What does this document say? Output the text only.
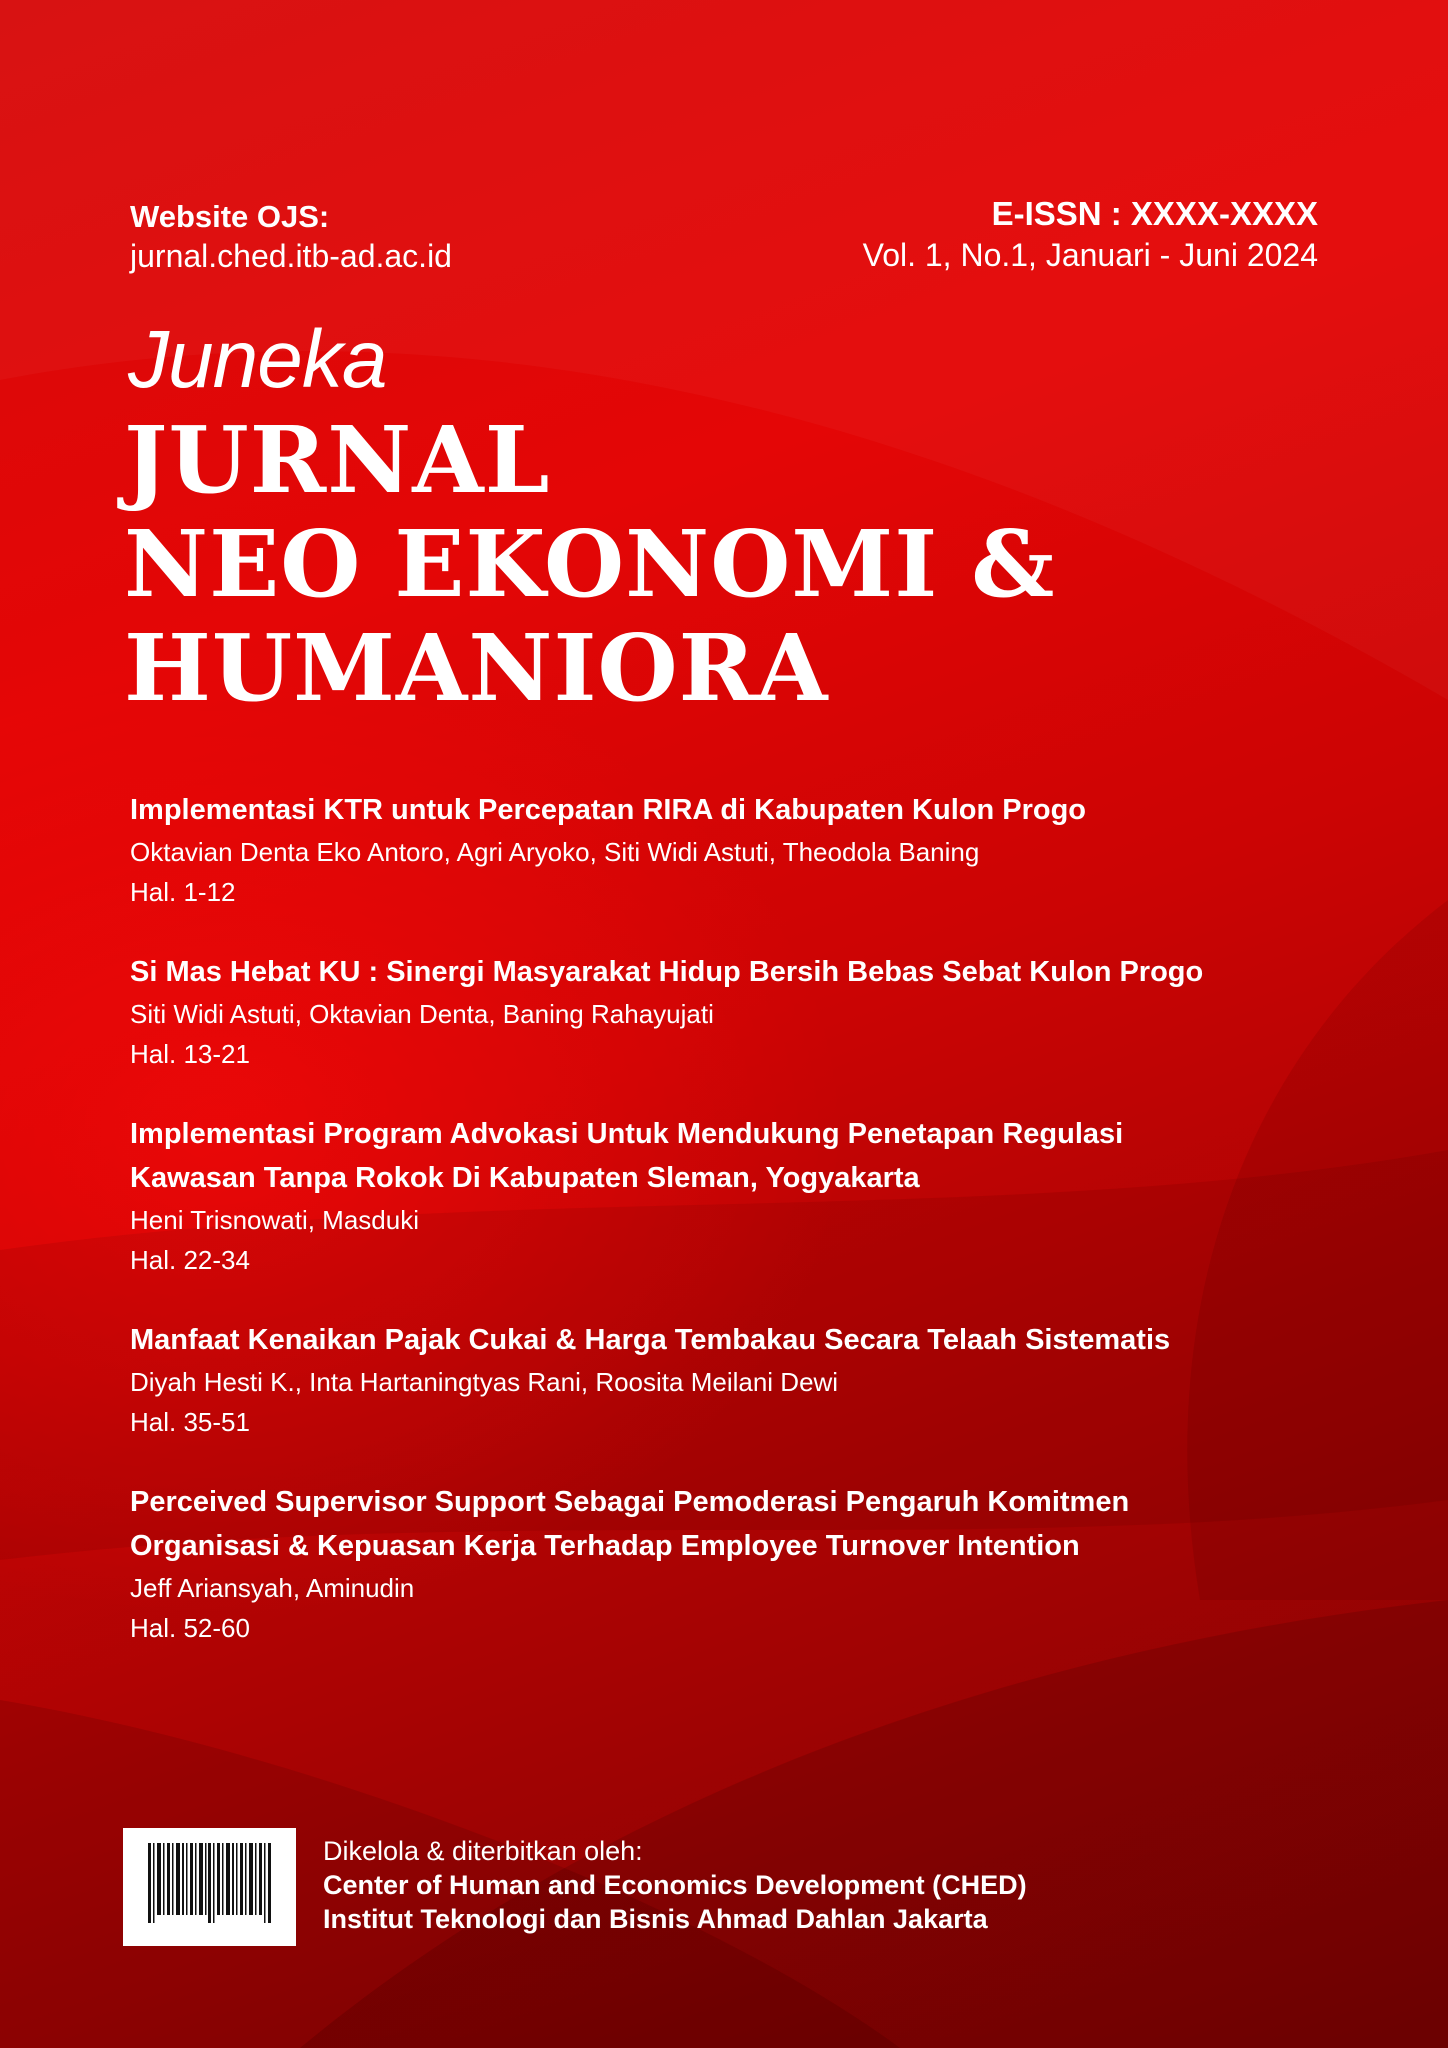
Website OJS:
jurnal.ched.itb-ad.ac.id
E-ISSN : XXXX-XXXX
Vol. 1, No.1, Januari - Juni 2024
Juneka
JURNAL
NEO EKONOMI &
HUMANIORA
Implementasi KTR untuk Percepatan RIRA di Kabupaten Kulon Progo
Oktavian Denta Eko Antoro, Agri Aryoko, Siti Widi Astuti, Theodola Baning
Hal. 1-12
Si Mas Hebat KU : Sinergi Masyarakat Hidup Bersih Bebas Sebat Kulon Progo
Siti Widi Astuti, Oktavian Denta, Baning Rahayujati
Hal. 13-21
Implementasi Program Advokasi Untuk Mendukung Penetapan Regulasi
Kawasan Tanpa Rokok Di Kabupaten Sleman, Yogyakarta
Heni Trisnowati, Masduki
Hal. 22-34
Manfaat Kenaikan Pajak Cukai & Harga Tembakau Secara Telaah Sistematis
Diyah Hesti K., Inta Hartaningtyas Rani, Roosita Meilani Dewi
Hal. 35-51
Perceived Supervisor Support Sebagai Pemoderasi Pengaruh Komitmen
Organisasi & Kepuasan Kerja Terhadap Employee Turnover Intention
Jeff Ariansyah, Aminudin
Hal. 52-60
Dikelola & diterbitkan oleh:
Center of Human and Economics Development (CHED)
Institut Teknologi dan Bisnis Ahmad Dahlan Jakarta
